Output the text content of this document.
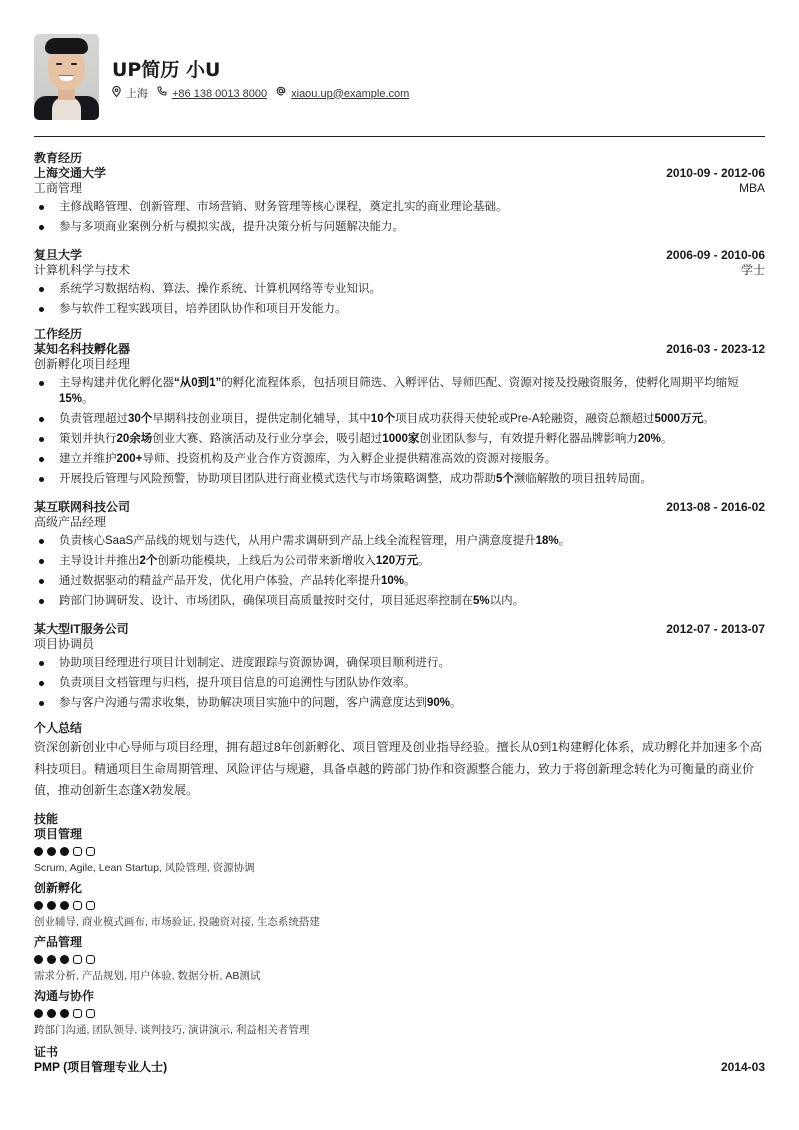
UP简历 小U
上海 +86 138 0013 8000 xiaou.up@example.com
教育经历
上海交通大学	2010-09 - 2012-06
工商管理	MBA
主修战略管理、创新管理、市场营销、财务管理等核心课程，奠定扎实的商业理论基础。
参与多项商业案例分析与模拟实战，提升决策分析与问题解决能力。
复旦大学	2006-09 - 2010-06
计算机科学与技术	学士
系统学习数据结构、算法、操作系统、计算机网络等专业知识。
参与软件工程实践项目，培养团队协作和项目开发能力。
工作经历
某知名科技孵化器	2016-03 - 2023-12
创新孵化项目经理
主导构建并优化孵化器“从0到1”的孵化流程体系，包括项目筛选、入孵评估、导师匹配、资源对接及投融资服务，使孵化周期平均缩短15%。
负责管理超过30个早期科技创业项目，提供定制化辅导，其中10个项目成功获得天使轮或Pre-A轮融资，融资总额超过5000万元。
策划并执行20余场创业大赛、路演活动及行业分享会，吸引超过1000家创业团队参与，有效提升孵化器品牌影响力20%。
建立并维护200+导师、投资机构及产业合作方资源库，为入孵企业提供精准高效的资源对接服务。
开展投后管理与风险预警，协助项目团队进行商业模式迭代与市场策略调整，成功帮助5个濒临解散的项目扭转局面。
某互联网科技公司	2013-08 - 2016-02
高级产品经理
负责核心SaaS产品线的规划与迭代，从用户需求调研到产品上线全流程管理，用户满意度提升18%。
主导设计并推出2个创新功能模块，上线后为公司带来新增收入120万元。
通过数据驱动的精益产品开发，优化用户体验，产品转化率提升10%。
跨部门协调研发、设计、市场团队，确保项目高质量按时交付，项目延迟率控制在5%以内。
某大型IT服务公司	2012-07 - 2013-07
项目协调员
协助项目经理进行项目计划制定、进度跟踪与资源协调，确保项目顺利进行。
负责项目文档管理与归档，提升项目信息的可追溯性与团队协作效率。
参与客户沟通与需求收集，协助解决项目实施中的问题，客户满意度达到90%。
个人总结
资深创新创业中心导师与项目经理，拥有超过8年创新孵化、项目管理及创业指导经验。擅长从0到1构建孵化体系，成功孵化并加速多个高科技项目。精通项目生命周期管理、风险评估与规避，具备卓越的跨部门协作和资源整合能力，致力于将创新理念转化为可衡量的商业价值，推动创新生态蓬X勃发展。
技能
项目管理
Scrum, Agile, Lean Startup, 风险管理, 资源协调
创新孵化
创业辅导, 商业模式画布, 市场验证, 投融资对接, 生态系统搭建
产品管理
需求分析, 产品规划, 用户体验, 数据分析, AB测试
沟通与协作
跨部门沟通, 团队领导, 谈判技巧, 演讲演示, 利益相关者管理
证书
PMP (项目管理专业人士)	2014-03
